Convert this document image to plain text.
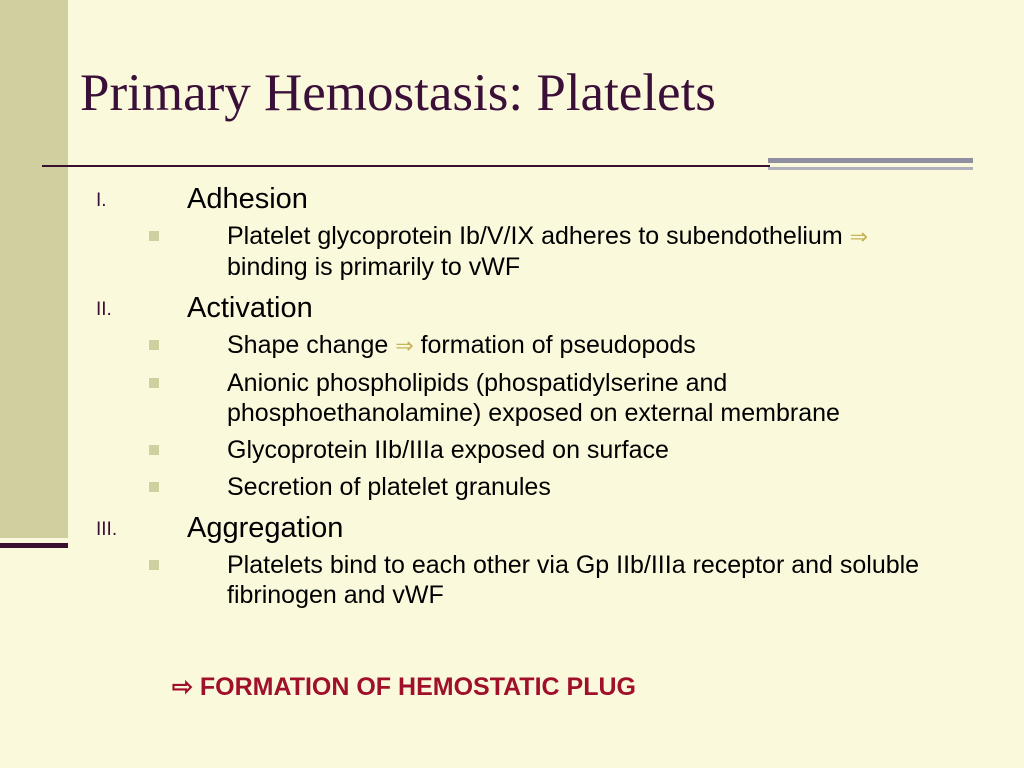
Primary Hemostasis: Platelets
I.	Adhesion
Platelet glycoprotein Ib/V/IX adheres to subendothelium ⇒ binding is primarily to vWF
II.	Activation
Shape change ⇒ formation of pseudopods
Anionic phospholipids (phospatidylserine and phosphoethanolamine) exposed on external membrane
Glycoprotein IIb/IIIa exposed on surface
Secretion of platelet granules
III. Aggregation
Platelets bind to each other via Gp IIb/IIIa receptor and soluble fibrinogen and vWF
⇨ FORMATION OF HEMOSTATIC PLUG
